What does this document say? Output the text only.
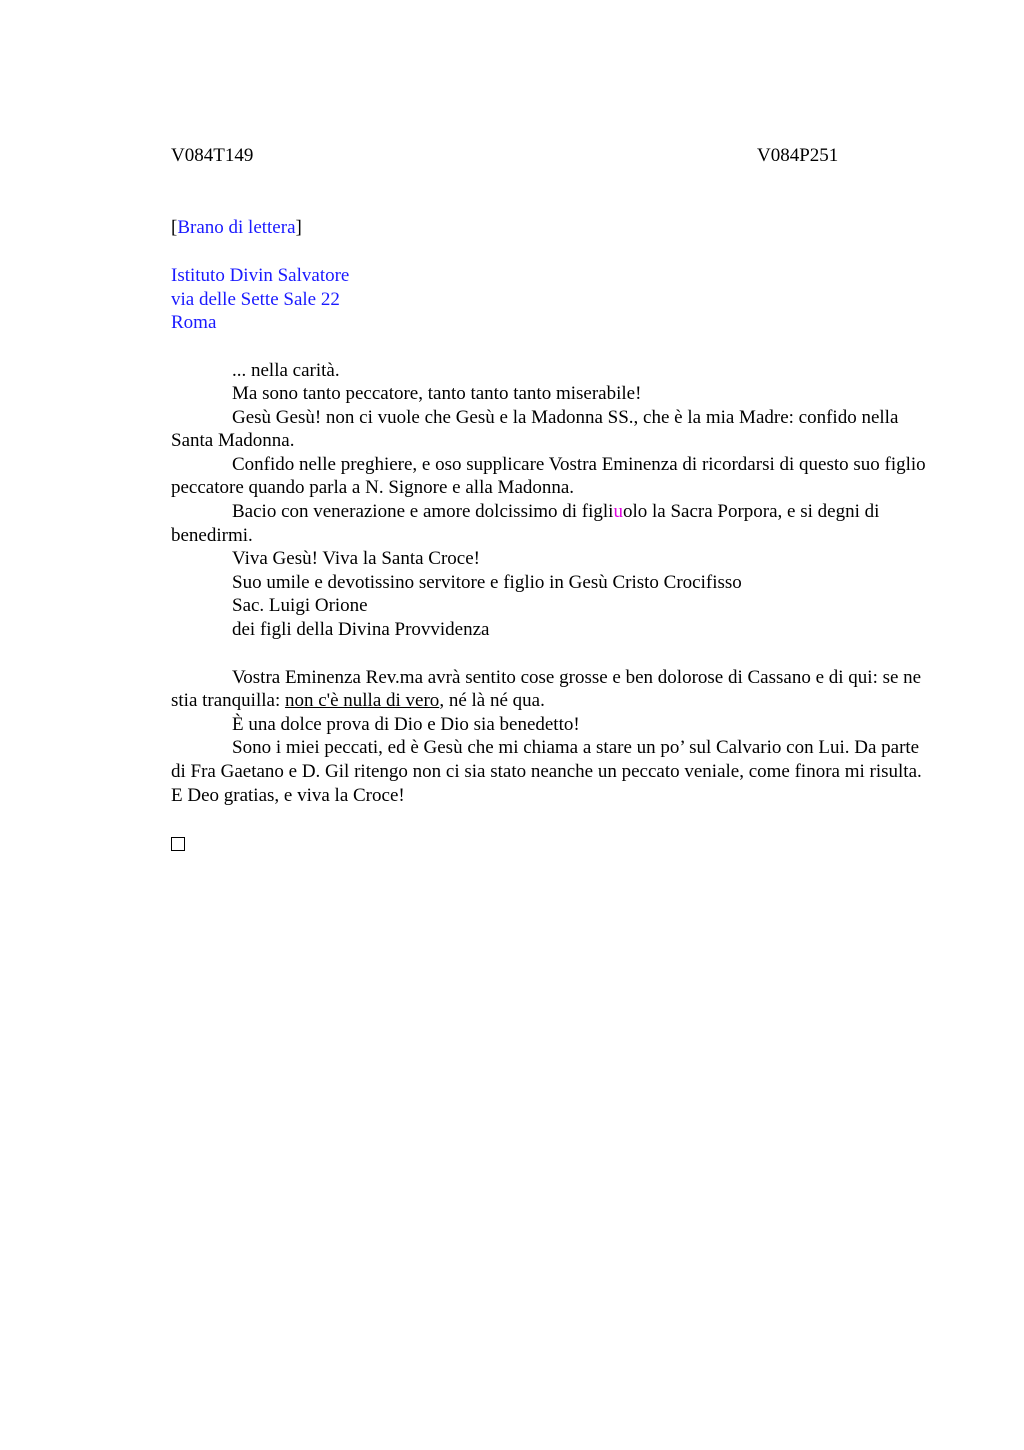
V084T149	V084P251
[Brano di lettera]
Istituto Divin Salvatore
via delle Sette Sale 22
Roma

... nella carità.

Ma sono tanto peccatore, tanto tanto tanto miserabile!

Gesù Gesù! non ci vuole che Gesù e la Madonna SS., che è la mia Madre: confido nella Santa Madonna.

Confido nelle preghiere, e oso supplicare Vostra Eminenza di ricordarsi di questo suo figlio peccatore quando parla a N. Signore e alla Madonna.

Bacio con venerazione e amore dolcissimo di figliuolo la Sacra Porpora, e si degni di benedirmi.

Viva Gesù! Viva la Santa Croce!

Suo umile e devotissino servitore e figlio in Gesù Cristo Crocifisso

Sac. Luigi Orione

dei figli della Divina Provvidenza

Vostra Eminenza Rev.ma avrà sentito cose grosse e ben dolorose di Cassano e di qui: se ne stia tranquilla: non c'è nulla di vero, né là né qua.

È una dolce prova di Dio e Dio sia benedetto!

Sono i miei peccati, ed è Gesù che mi chiama a stare un po’ sul Calvario con Lui. Da parte di Fra Gaetano e D. Gil ritengo non ci sia stato neanche un peccato veniale, come finora mi risulta. E Deo gratias, e viva la Croce!
